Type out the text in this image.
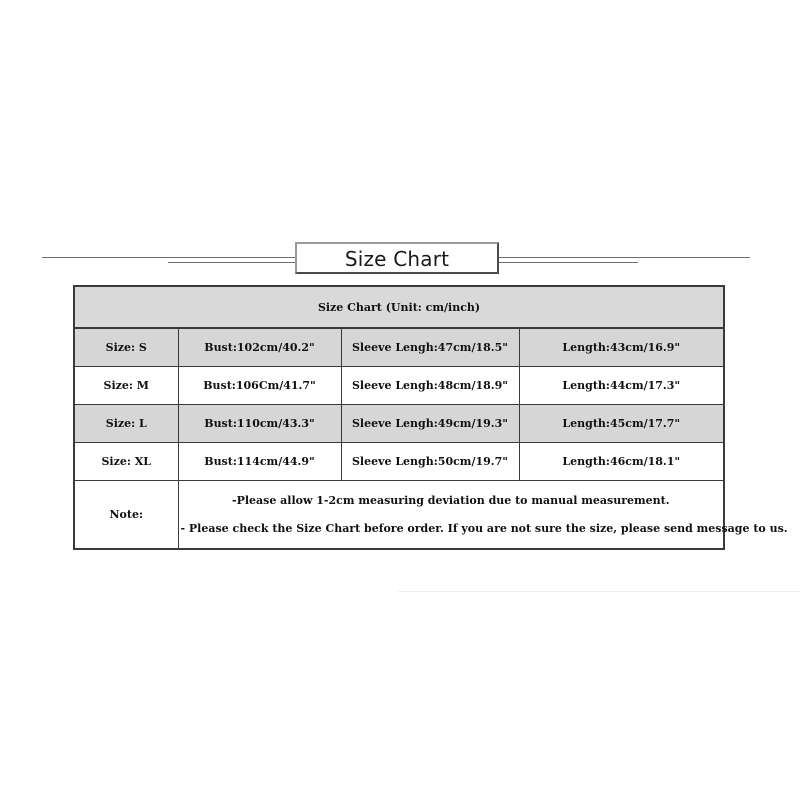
Size Chart
Size Chart (Unit: cm/inch)			
Size: S	Bust:102cm/40.2"	Sleeve Lengh:47cm/18.5"	Length:43cm/16.9"
Size: M	Bust:106Cm/41.7"	Sleeve Lengh:48cm/18.9"	Length:44cm/17.3"
Size: L	Bust:110cm/43.3"	Sleeve Lengh:49cm/19.3"	Length:45cm/17.7"
Size: XL	Bust:114cm/44.9"	Sleeve Lengh:50cm/19.7"	Length:46cm/18.1"
Note:	-Please allow 1-2cm measuring deviation due to manual measurement.
- Please check the Size Chart before order. If you are not sure the size, please send message to us.		
